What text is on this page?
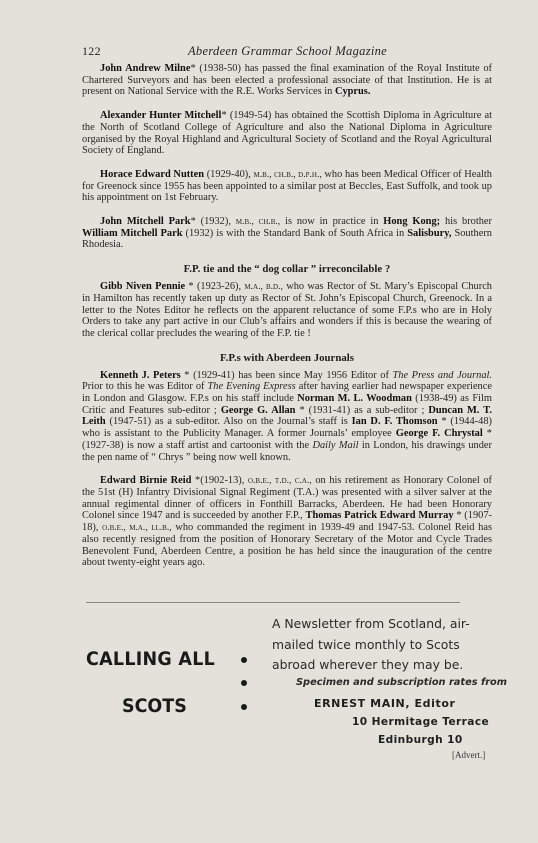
122	Aberdeen Grammar School Magazine

John Andrew Milne* (1938-50) has passed the final examination of the Royal Institute of Chartered Surveyors and has been elected a professional associate of that Institution. He is at present on National Service with the R.E. Works Services in Cyprus.

Alexander Hunter Mitchell* (1949-54) has obtained the Scottish Diploma in Agriculture at the North of Scotland College of Agriculture and also the National Diploma in Agriculture organised by the Royal Highland and Agricultural Society of Scotland and the Royal Agricultural Society of England.

Horace Edward Nutten (1929-40), m.b., ch.b., d.p.h., who has been Medical Officer of Health for Greenock since 1955 has been appointed to a similar post at Beccles, East Suffolk, and took up his appointment on 1st February.

John Mitchell Park* (1932), m.b., ch.b., is now in practice in Hong Kong; his brother William Mitchell Park (1932) is with the Standard Bank of South Africa in Salisbury, Southern Rhodesia.

F.P. tie and the “ dog collar ” irreconcilable ?

Gibb Niven Pennie * (1923-26), m.a., b.d., who was Rector of St. Mary’s Episcopal Church in Hamilton has recently taken up duty as Rector of St. John’s Episcopal Church, Greenock. In a letter to the Notes Editor he reflects on the apparent reluctance of some F.P.s who are in Holy Orders to take any part active in our Club’s affairs and wonders if this is because the wearing of the clerical collar precludes the wearing of the F.P. tie !

F.P.s with Aberdeen Journals

Kenneth J. Peters * (1929-41) has been since May 1956 Editor of The Press and Journal. Prior to this he was Editor of The Evening Express after having earlier had newspaper experience in London and Glasgow. F.P.s on his staff include Norman M. L. Woodman (1938-49) as Film Critic and Features sub-editor ; George G. Allan * (1931-41) as a sub-editor ; Duncan M. T. Leith (1947-51) as a sub-editor. Also on the Journal’s staff is Ian D. F. Thomson * (1944-48) who is assistant to the Publicity Manager. A former Journals’ employee George F. Chrystal * (1927-38) is now a staff artist and cartoonist with the Daily Mail in London, his drawings under the pen name of “ Chrys ” being now well known.

Edward Birnie Reid *(1902-13), o.b.e., t.d., c.a., on his retirement as Honorary Colonel of the 51st (H) Infantry Divisional Signal Regiment (T.A.) was presented with a silver salver at the annual regimental dinner of officers in Fonthill Barracks, Aberdeen. He had been Honorary Colonel since 1947 and is succeeded by another F.P., Thomas Patrick Edward Murray * (1907-18), o.b.e., m.a., ll.b., who commanded the regiment in 1939-49 and 1947-53. Colonel Reid has also recently resigned from the position of Honorary Secretary of the Motor and Cycle Trades Benevolent Fund, Aberdeen Centre, a position he has held since the inauguration of the centre about twenty-eight years ago.

CALLING ALL
SCOTS
A Newsletter from Scotland, air-mailed twice monthly to Scots abroad wherever they may be.
Specimen and subscription rates from
ERNEST MAIN, Editor
10 Hermitage Terrace
Edinburgh 10
[Advert.]
